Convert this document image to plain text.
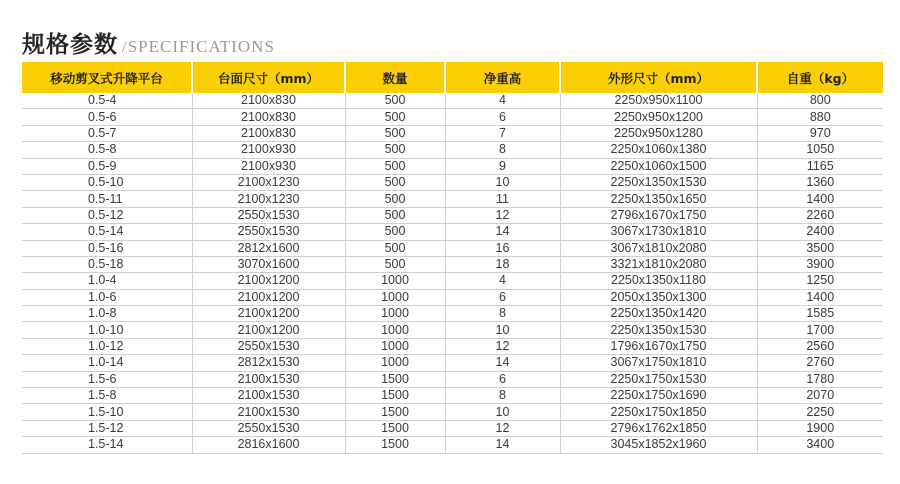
规格参数 /SPECIFICATIONS
移动剪叉式升降平台	台面尺寸（mm）	数量	净重高	外形尺寸（mm）	自重（kg）
0.5-4	2100x830	500	4	2250x950x1100	800
0.5-6	2100x830	500	6	2250x950x1200	880
0.5-7	2100x830	500	7	2250x950x1280	970
0.5-8	2100x930	500	8	2250x1060x1380	1050
0.5-9	2100x930	500	9	2250x1060x1500	1165
0.5-10	2100x1230	500	10	2250x1350x1530	1360
0.5-11	2100x1230	500	11	2250x1350x1650	1400
0.5-12	2550x1530	500	12	2796x1670x1750	2260
0.5-14	2550x1530	500	14	3067x1730x1810	2400
0.5-16	2812x1600	500	16	3067x1810x2080	3500
0.5-18	3070x1600	500	18	3321x1810x2080	3900
1.0-4	2100x1200	1000	4	2250x1350x1180	1250
1.0-6	2100x1200	1000	6	2050x1350x1300	1400
1.0-8	2100x1200	1000	8	2250x1350x1420	1585
1.0-10	2100x1200	1000	10	2250x1350x1530	1700
1.0-12	2550x1530	1000	12	1796x1670x1750	2560
1.0-14	2812x1530	1000	14	3067x1750x1810	2760
1.5-6	2100x1530	1500	6	2250x1750x1530	1780
1.5-8	2100x1530	1500	8	2250x1750x1690	2070
1.5-10	2100x1530	1500	10	2250x1750x1850	2250
1.5-12	2550x1530	1500	12	2796x1762x1850	1900
1.5-14	2816x1600	1500	14	3045x1852x1960	3400
